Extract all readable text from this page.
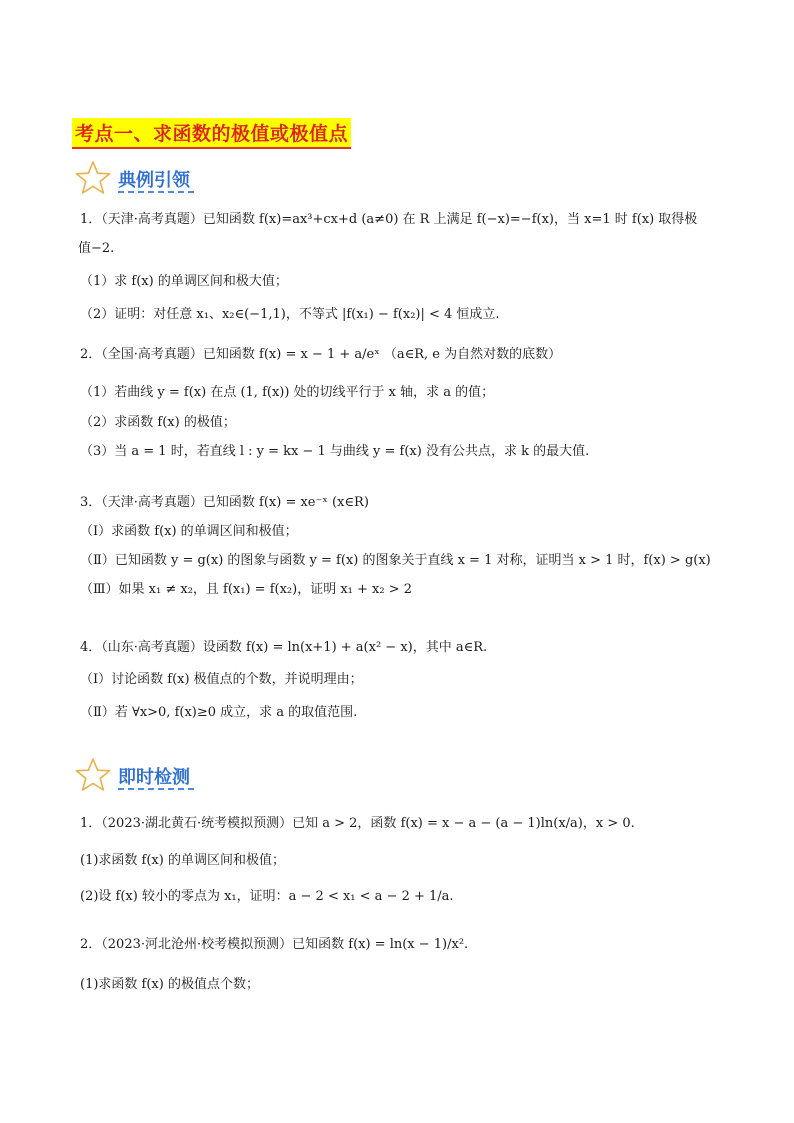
考点一、求函数的极值或极值点
典例引领
1．（天津·高考真题）已知函数 f(x)=ax³+cx+d (a≠0) 在 R 上满足 f(−x)=−f(x)，当 x=1 时 f(x) 取得极
值−2.
（1）求 f(x) 的单调区间和极大值；
（2）证明：对任意 x₁、x₂∈(−1,1)，不等式 |f(x₁) − f(x₂)| < 4 恒成立.
2．（全国·高考真题）已知函数 f(x) = x − 1 + a/eˣ （a∈R, e 为自然对数的底数）
（1）若曲线 y = f(x) 在点 (1, f(x)) 处的切线平行于 x 轴，求 a 的值；
（2）求函数 f(x) 的极值；
（3）当 a = 1 时，若直线 l : y = kx − 1 与曲线 y = f(x) 没有公共点，求 k 的最大值.
3．（天津·高考真题）已知函数 f(x) = xe⁻ˣ (x∈R)
（Ⅰ）求函数 f(x) 的单调区间和极值；
（Ⅱ）已知函数 y = g(x) 的图象与函数 y = f(x) 的图象关于直线 x = 1 对称，证明当 x > 1 时，f(x) > g(x)
（Ⅲ）如果 x₁ ≠ x₂，且 f(x₁) = f(x₂)，证明 x₁ + x₂ > 2
4．（山东·高考真题）设函数 f(x) = ln(x+1) + a(x² − x)，其中 a∈R.
（Ⅰ）讨论函数 f(x) 极值点的个数，并说明理由；
（Ⅱ）若 ∀x>0, f(x)≥0 成立，求 a 的取值范围.
即时检测
1．（2023·湖北黄石·统考模拟预测）已知 a > 2，函数 f(x) = x − a − (a − 1)ln(x/a)，x > 0.
(1)求函数 f(x) 的单调区间和极值；
(2)设 f(x) 较小的零点为 x₁，证明：a − 2 < x₁ < a − 2 + 1/a.
2．（2023·河北沧州·校考模拟预测）已知函数 f(x) = ln(x − 1)/x².
(1)求函数 f(x) 的极值点个数；
